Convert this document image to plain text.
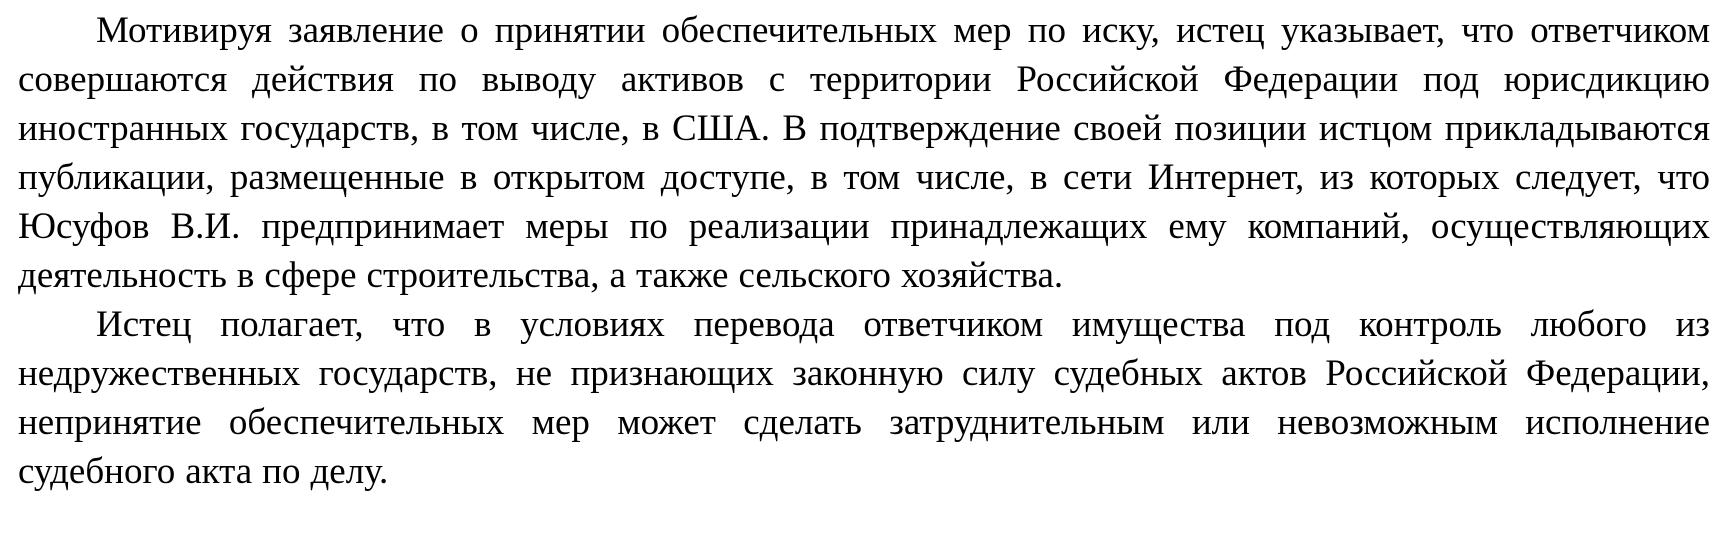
Мотивируя заявление о принятии обеспечительных мер по иску, истец указывает, что ответчиком совершаются действия по выводу активов с территории Российской Федерации под юрисдикцию иностранных государств, в том числе, в США. В подтверждение своей позиции истцом прикладываются публикации, размещенные в открытом доступе, в том числе, в сети Интернет, из которых следует, что Юсуфов В.И. предпринимает меры по реализации принадлежащих ему компаний, осуществляющих деятельность в сфере строительства, а также сельского хозяйства.

Истец полагает, что в условиях перевода ответчиком имущества под контроль любого из недружественных государств, не признающих законную силу судебных актов Российской Федерации, непринятие обеспечительных мер может сделать затруднительным или невозможным исполнение судебного акта по делу.
